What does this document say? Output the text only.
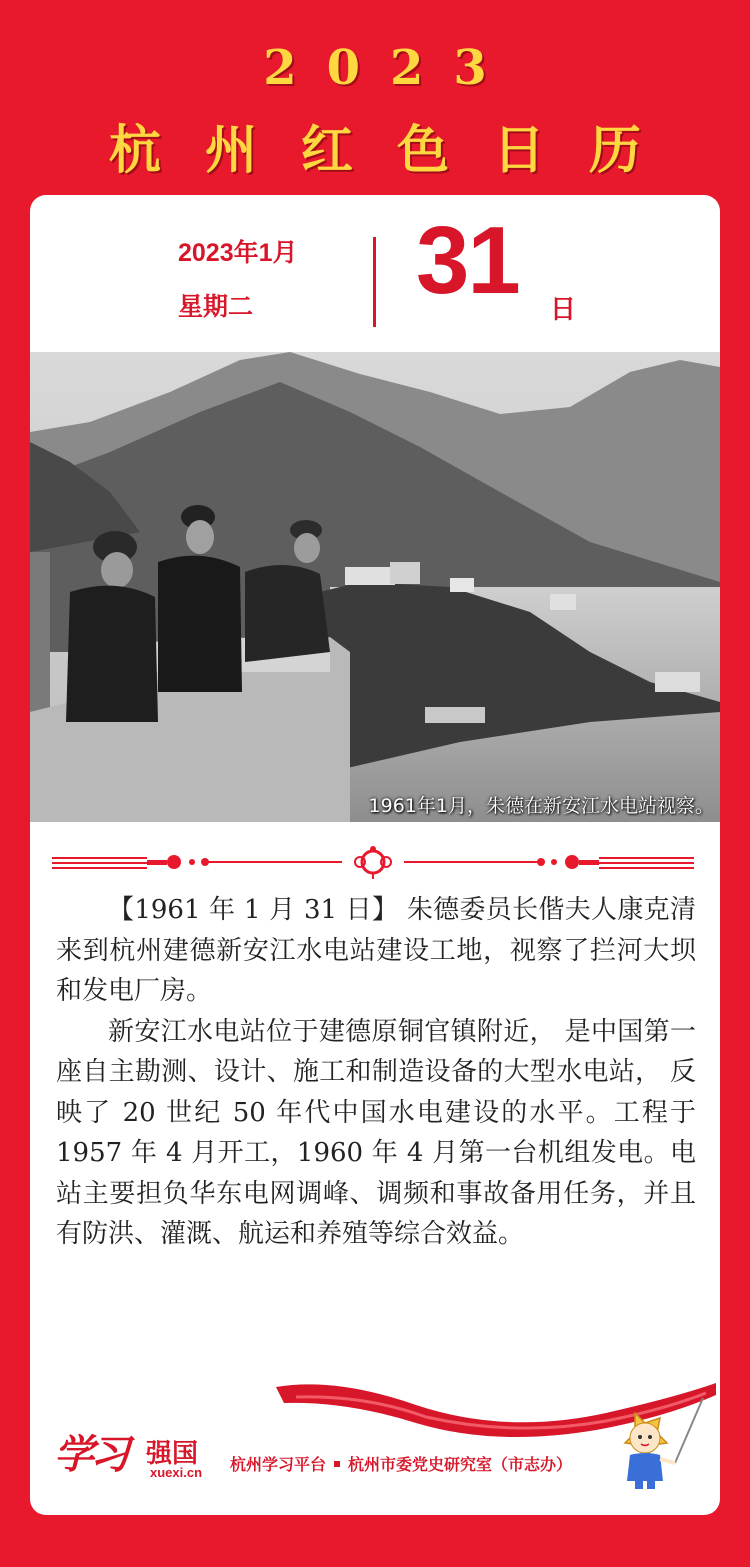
2023
杭州红色日历
2023年1月
星期二 31 日
1961年1月，朱德在新安江水电站视察。

【1961 年 1 月 31 日】 朱德委员长偕夫人康克清来到杭州建德新安江水电站建设工地，视察了拦河大坝和发电厂房。

新安江水电站位于建德原铜官镇附近， 是中国第一座自主勘测、设计、施工和制造设备的大型水电站， 反映了 20 世纪 50 年代中国水电建设的水平。工程于 1957 年 4 月开工，1960 年 4 月第一台机组发电。电站主要担负华东电网调峰、调频和事故备用任务，并且有防洪、灌溉、航运和养殖等综合效益。

学习 强国
xuexi.cn 杭州学习平台 杭州市委党史研究室（市志办）
